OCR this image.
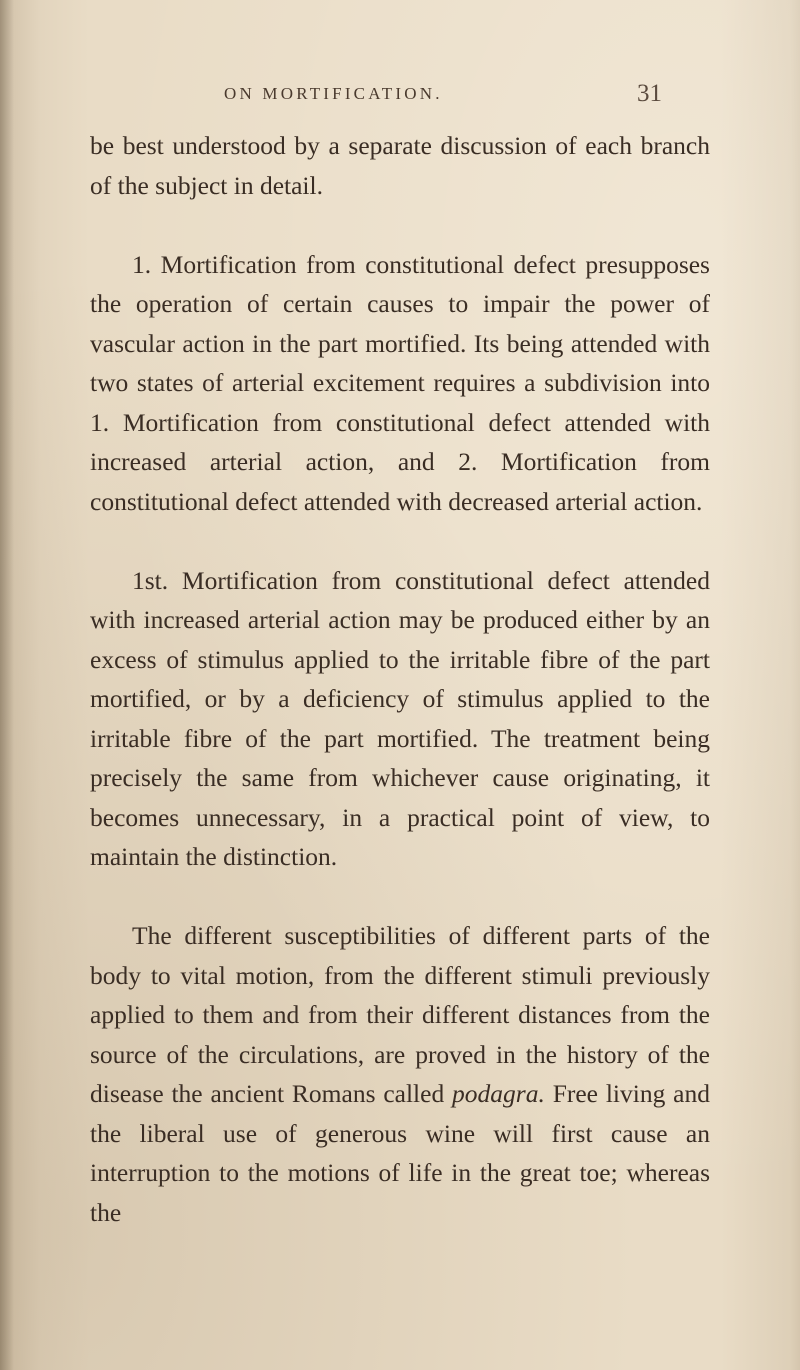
ON MORTIFICATION.	31

be best understood by a separate discussion of each branch of the subject in detail.

1. Mortification from constitutional defect presupposes the operation of certain causes to impair the power of vascular action in the part mortified. Its being attended with two states of arterial excitement requires a subdivision into 1. Mortification from constitutional defect attended with increased arterial action, and 2. Mortification from constitutional defect attended with decreased arterial action.

1st. Mortification from constitutional defect attended with increased arterial action may be produced either by an excess of stimulus applied to the irritable fibre of the part mortified, or by a deficiency of stimulus applied to the irritable fibre of the part mortified. The treatment being precisely the same from whichever cause originating, it becomes unnecessary, in a practical point of view, to maintain the distinction.

The different susceptibilities of different parts of the body to vital motion, from the different stimuli previously applied to them and from their different distances from the source of the circulations, are proved in the history of the disease the ancient Romans called podagra. Free living and the liberal use of generous wine will first cause an interruption to the motions of life in the great toe; whereas the
